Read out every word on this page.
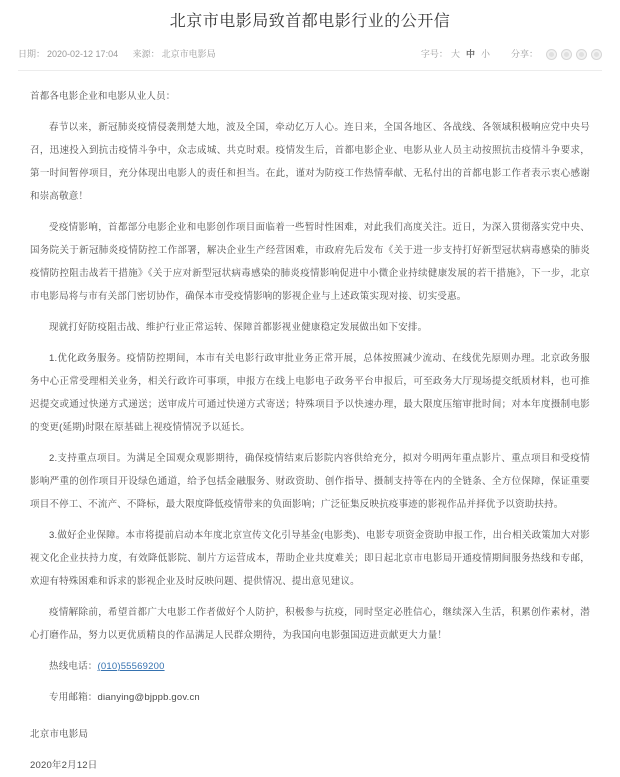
北京市电影局致首都电影行业的公开信
日期： 2020-02-12 17:04 来源： 北京市电影局	字号： 大 中 小 分享：

首都各电影企业和电影从业人员：

春节以来，新冠肺炎疫情侵袭荆楚大地，波及全国，牵动亿万人心。连日来，全国各地区、各战线、各领域积极响应党中央号召，迅速投入到抗击疫情斗争中，众志成城、共克时艰。疫情发生后，首都电影企业、电影从业人员主动按照抗击疫情斗争要求，第一时间暂停项目，充分体现出电影人的责任和担当。在此，谨对为防疫工作热情奉献、无私付出的首都电影工作者表示衷心感谢和崇高敬意！

受疫情影响，首都部分电影企业和电影创作项目面临着一些暂时性困难，对此我们高度关注。近日，为深入贯彻落实党中央、国务院关于新冠肺炎疫情防控工作部署，解决企业生产经营困难，市政府先后发布《关于进一步支持打好新型冠状病毒感染的肺炎疫情防控阻击战若干措施》《关于应对新型冠状病毒感染的肺炎疫情影响促进中小微企业持续健康发展的若干措施》，下一步，北京市电影局将与市有关部门密切协作，确保本市受疫情影响的影视企业与上述政策实现对接、切实受惠。

现就打好防疫阻击战、维护行业正常运转、保障首都影视业健康稳定发展做出如下安排。

1.优化政务服务。疫情防控期间，本市有关电影行政审批业务正常开展，总体按照减少流动、在线优先原则办理。北京政务服务中心正常受理相关业务，相关行政许可事项，申报方在线上电影电子政务平台申报后，可至政务大厅现场提交纸质材料，也可推迟提交或通过快递方式递送；送审成片可通过快递方式寄送；特殊项目予以快速办理，最大限度压缩审批时间；对本年度摄制电影的变更(延期)时限在原基础上视疫情情况予以延长。

2.支持重点项目。为满足全国观众观影期待，确保疫情结束后影院内容供给充分，拟对今明两年重点影片、重点项目和受疫情影响严重的创作项目开设绿色通道，给予包括金融服务、财政资助、创作指导、摄制支持等在内的全链条、全方位保障，保证重要项目不停工、不流产、不降标，最大限度降低疫情带来的负面影响；广泛征集反映抗疫事迹的影视作品并择优予以资助扶持。

3.做好企业保障。本市将提前启动本年度北京宣传文化引导基金(电影类)、电影专项资金资助申报工作，出台相关政策加大对影视文化企业扶持力度，有效降低影院、制片方运营成本，帮助企业共度难关；即日起北京市电影局开通疫情期间服务热线和专邮，欢迎有特殊困难和诉求的影视企业及时反映问题、提供情况、提出意见建议。

疫情解除前，希望首都广大电影工作者做好个人防护，积极参与抗疫，同时坚定必胜信心，继续深入生活，积累创作素材，潜心打磨作品，努力以更优质精良的作品满足人民群众期待，为我国向电影强国迈进贡献更大力量！

热线电话：(010)55569200

专用邮箱：dianying@bjppb.gov.cn

北京市电影局

2020年2月12日
